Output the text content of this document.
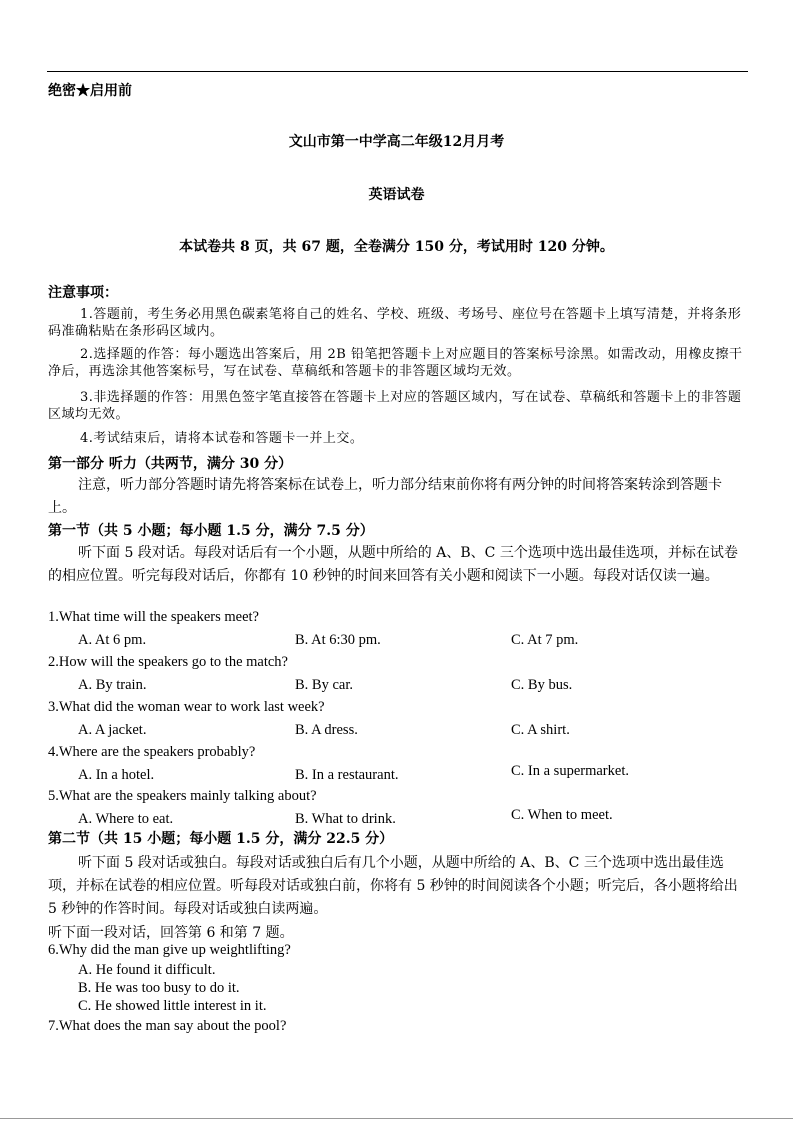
绝密★启用前
文山市第一中学高二年级12月月考
英语试卷
本试卷共 8 页，共 67 题，全卷满分 150 分，考试用时 120 分钟。
注意事项：
1.答题前，考生务必用黑色碳素笔将自己的姓名、学校、班级、考场号、座位号在答题卡上填写清楚，并将条形码准确粘贴在条形码区域内。
2.选择题的作答：每小题选出答案后，用 2B 铅笔把答题卡上对应题目的答案标号涂黑。如需改动，用橡皮擦干净后，再选涂其他答案标号，写在试卷、草稿纸和答题卡的非答题区域均无效。
3.非选择题的作答：用黑色签字笔直接答在答题卡上对应的答题区域内，写在试卷、草稿纸和答题卡上的非答题区域均无效。
4.考试结束后，请将本试卷和答题卡一并上交。
第一部分 听力（共两节，满分 30 分）
注意，听力部分答题时请先将答案标在试卷上，听力部分结束前你将有两分钟的时间将答案转涂到答题卡上。
第一节（共 5 小题；每小题 1.5 分，满分 7.5 分）
听下面 5 段对话。每段对话后有一个小题，从题中所给的 A、B、C 三个选项中选出最佳选项，并标在试卷的相应位置。听完每段对话后，你都有 10 秒钟的时间来回答有关小题和阅读下一小题。每段对话仅读一遍。
1.What time will the speakers meet?
A. At 6 pm.	B. At 6:30 pm.	C. At 7 pm.
2.How will the speakers go to the match?
A. By train.	B. By car.	C. By bus.
3.What did the woman wear to work last week?
A. A jacket.	B. A dress.	C. A shirt.
4.Where are the speakers probably?
A. In a hotel.	B. In a restaurant.	C. In a supermarket.
5.What are the speakers mainly talking about?
A. Where to eat.	B. What to drink.	C. When to meet.
第二节（共 15 小题；每小题 1.5 分，满分 22.5 分）
听下面 5 段对话或独白。每段对话或独白后有几个小题，从题中所给的 A、B、C 三个选项中选出最佳选项，并标在试卷的相应位置。听每段对话或独白前，你将有 5 秒钟的时间阅读各个小题；听完后，各小题将给出 5 秒钟的作答时间。每段对话或独白读两遍。
听下面一段对话，回答第 6 和第 7 题。
6.Why did the man give up weightlifting?
A. He found it difficult.
B. He was too busy to do it.
C. He showed little interest in it.
7.What does the man say about the pool?
